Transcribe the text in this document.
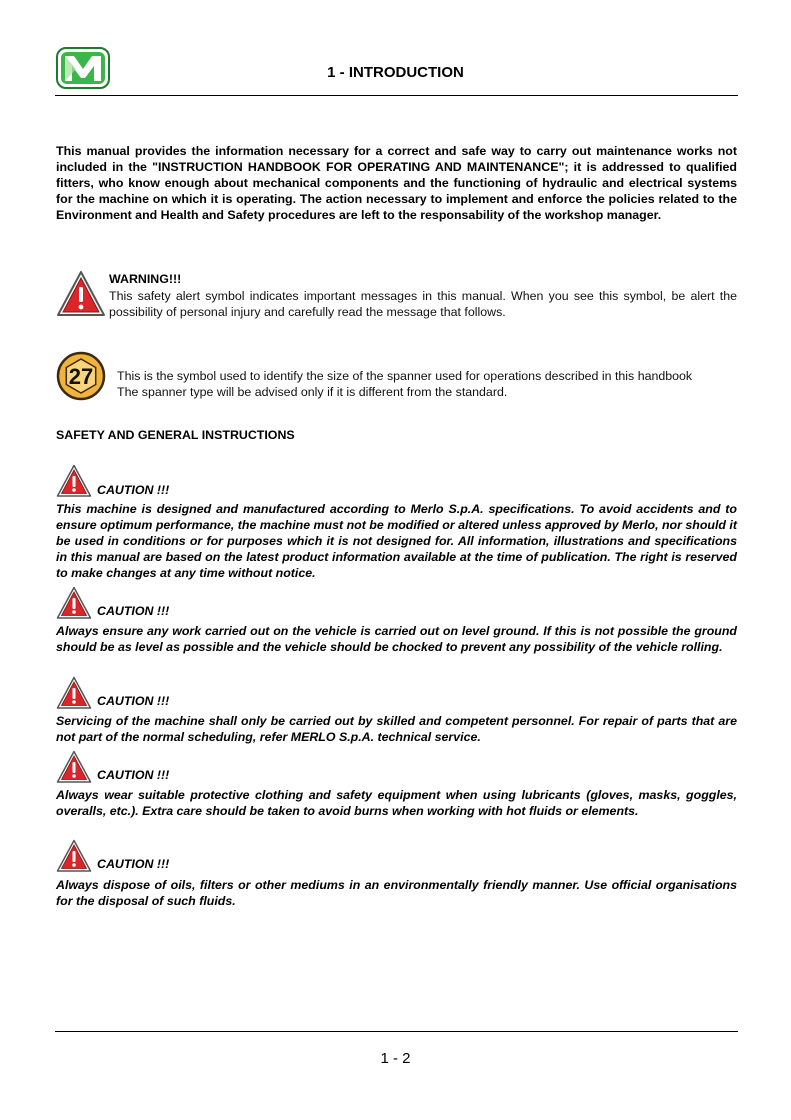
1 - INTRODUCTION

This manual provides the information necessary for a correct and safe way to carry out maintenance works not included in the "INSTRUCTION HANDBOOK FOR OPERATING AND MAINTENANCE"; it is addressed to qualified fitters, who know enough about mechanical components and the functioning of hydraulic and electrical systems for the machine on which it is operating. The action necessary to implement and enforce the policies related to the Environment and Health and Safety procedures are left to the responsability of the workshop manager.

WARNING!!!

This safety alert symbol indicates important messages in this manual. When you see this symbol, be alert the possibility of personal injury and carefully read the message that follows.

27 This is the symbol used to identify the size of the spanner used for operations described in this handbook
The spanner type will be advised only if it is different from the standard.

SAFETY AND GENERAL INSTRUCTIONS
CAUTION !!!

This machine is designed and manufactured according to Merlo S.p.A. specifications. To avoid accidents and to ensure optimum performance, the machine must not be modified or altered unless approved by Merlo, nor should it be used in conditions or for purposes which it is not designed for. All information, illustrations and specifications in this manual are based on the latest product information available at the time of publication. The right is reserved to make changes at any time without notice.

CAUTION !!!

Always ensure any work carried out on the vehicle is carried out on level ground. If this is not possible the ground should be as level as possible and the vehicle should be chocked to prevent any possibility of the vehicle rolling.

CAUTION !!!

Servicing of the machine shall only be carried out by skilled and competent personnel. For repair of parts that are not part of the normal scheduling, refer MERLO S.p.A. technical service.

CAUTION !!!

Always wear suitable protective clothing and safety equipment when using lubricants (gloves, masks, goggles, overalls, etc.). Extra care should be taken to avoid burns when working with hot fluids or elements.

CAUTION !!!

Always dispose of oils, filters or other mediums in an environmentally friendly manner. Use official organisations for the disposal of such fluids.

1 - 2
